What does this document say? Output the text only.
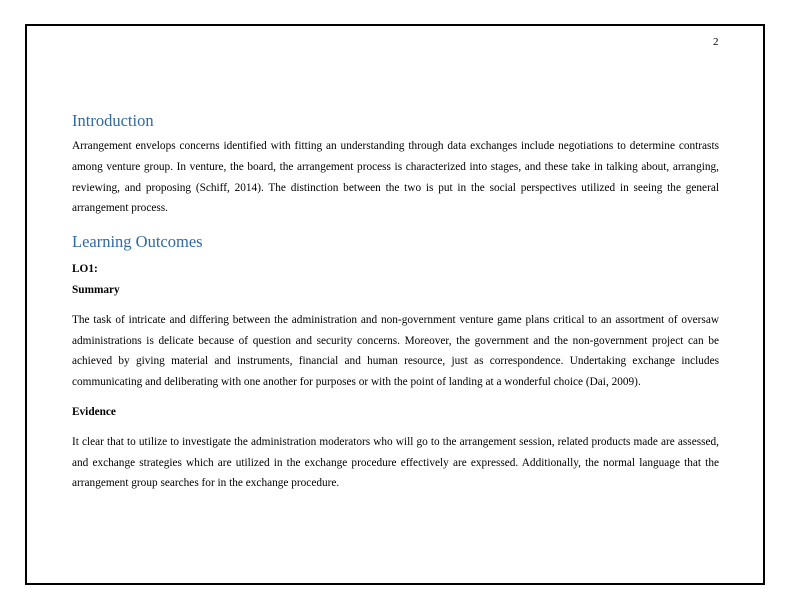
2
Introduction

Arrangement envelops concerns identified with fitting an understanding through data exchanges include negotiations to determine contrasts among venture group. In venture, the board, the arrangement process is characterized into stages, and these take in talking about, arranging, reviewing, and proposing (Schiff, 2014). The distinction between the two is put in the social perspectives utilized in seeing the general arrangement process.

Learning Outcomes
LO1:
Summary

The task of intricate and differing between the administration and non-government venture game plans critical to an assortment of oversaw administrations is delicate because of question and security concerns. Moreover, the government and the non-government project can be achieved by giving material and instruments, financial and human resource, just as correspondence. Undertaking exchange includes communicating and deliberating with one another for purposes or with the point of landing at a wonderful choice (Dai, 2009).

Evidence

It clear that to utilize to investigate the administration moderators who will go to the arrangement session, related products made are assessed, and exchange strategies which are utilized in the exchange procedure effectively are expressed. Additionally, the normal language that the arrangement group searches for in the exchange procedure.
